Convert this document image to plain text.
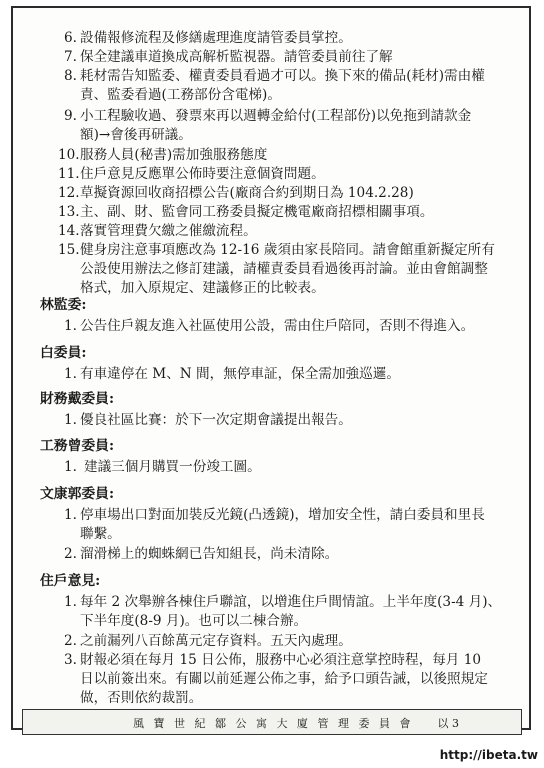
6. 設備報修流程及修繕處理進度請管委員掌控。
7. 保全建議車道換成高解析監視器。請管委員前往了解
8. 耗材需告知監委、權責委員看過才可以。換下來的備品(耗材)需由權
責、監委看過(工務部份含電梯)。
9. 小工程驗收過、發票來再以週轉金給付(工程部份)以免拖到請款金
額)→會後再研議。
10. 服務人員(秘書)需加強服務態度
11. 住戶意見反應單公佈時要注意個資問題。
12. 草擬資源回收商招標公告(廠商合約到期日為 104.2.28)
13. 主、副、財、監會同工務委員擬定機電廠商招標相關事項。
14. 落實管理費欠繳之催繳流程。
15. 健身房注意事項應改為 12-16 歲須由家長陪同。請會館重新擬定所有
公設使用辦法之修訂建議，請權責委員看過後再討論。並由會館調整
格式，加入原規定、建議修正的比較表。
林監委:
1. 公告住戶親友進入社區使用公設，需由住戶陪同，否則不得進入。
白委員:
1. 有車違停在 M、N 間，無停車証，保全需加強巡邏。
財務戴委員:
1. 優良社區比賽：於下一次定期會議提出報告。
工務曾委員:
1. 建議三個月購買一份竣工圖。
文康郭委員:
1. 停車場出口對面加裝反光鏡(凸透鏡)，增加安全性，請白委員和里長
聯繫。
2. 溜滑梯上的蜘蛛網已告知組長，尚未清除。
住戶意見:
1. 每年 2 次舉辦各棟住戶聯誼，以增進住戶間情誼。上半年度(3-4 月)、
下半年度(8-9 月)。也可以二棟合辦。
2. 之前漏列八百餘萬元定存資料。五天內處理。
3. 財報必須在每月 15 日公佈，服務中心必須注意掌控時程，每月 10
日以前簽出來。有關以前延遲公佈之事，給予口頭告誡，以後照規定
做，否則依約裁罰。
風 寶 世 紀 鄒 公 寓 大 廈 管 理 委 員 會 以 3
http://ibeta.tw
